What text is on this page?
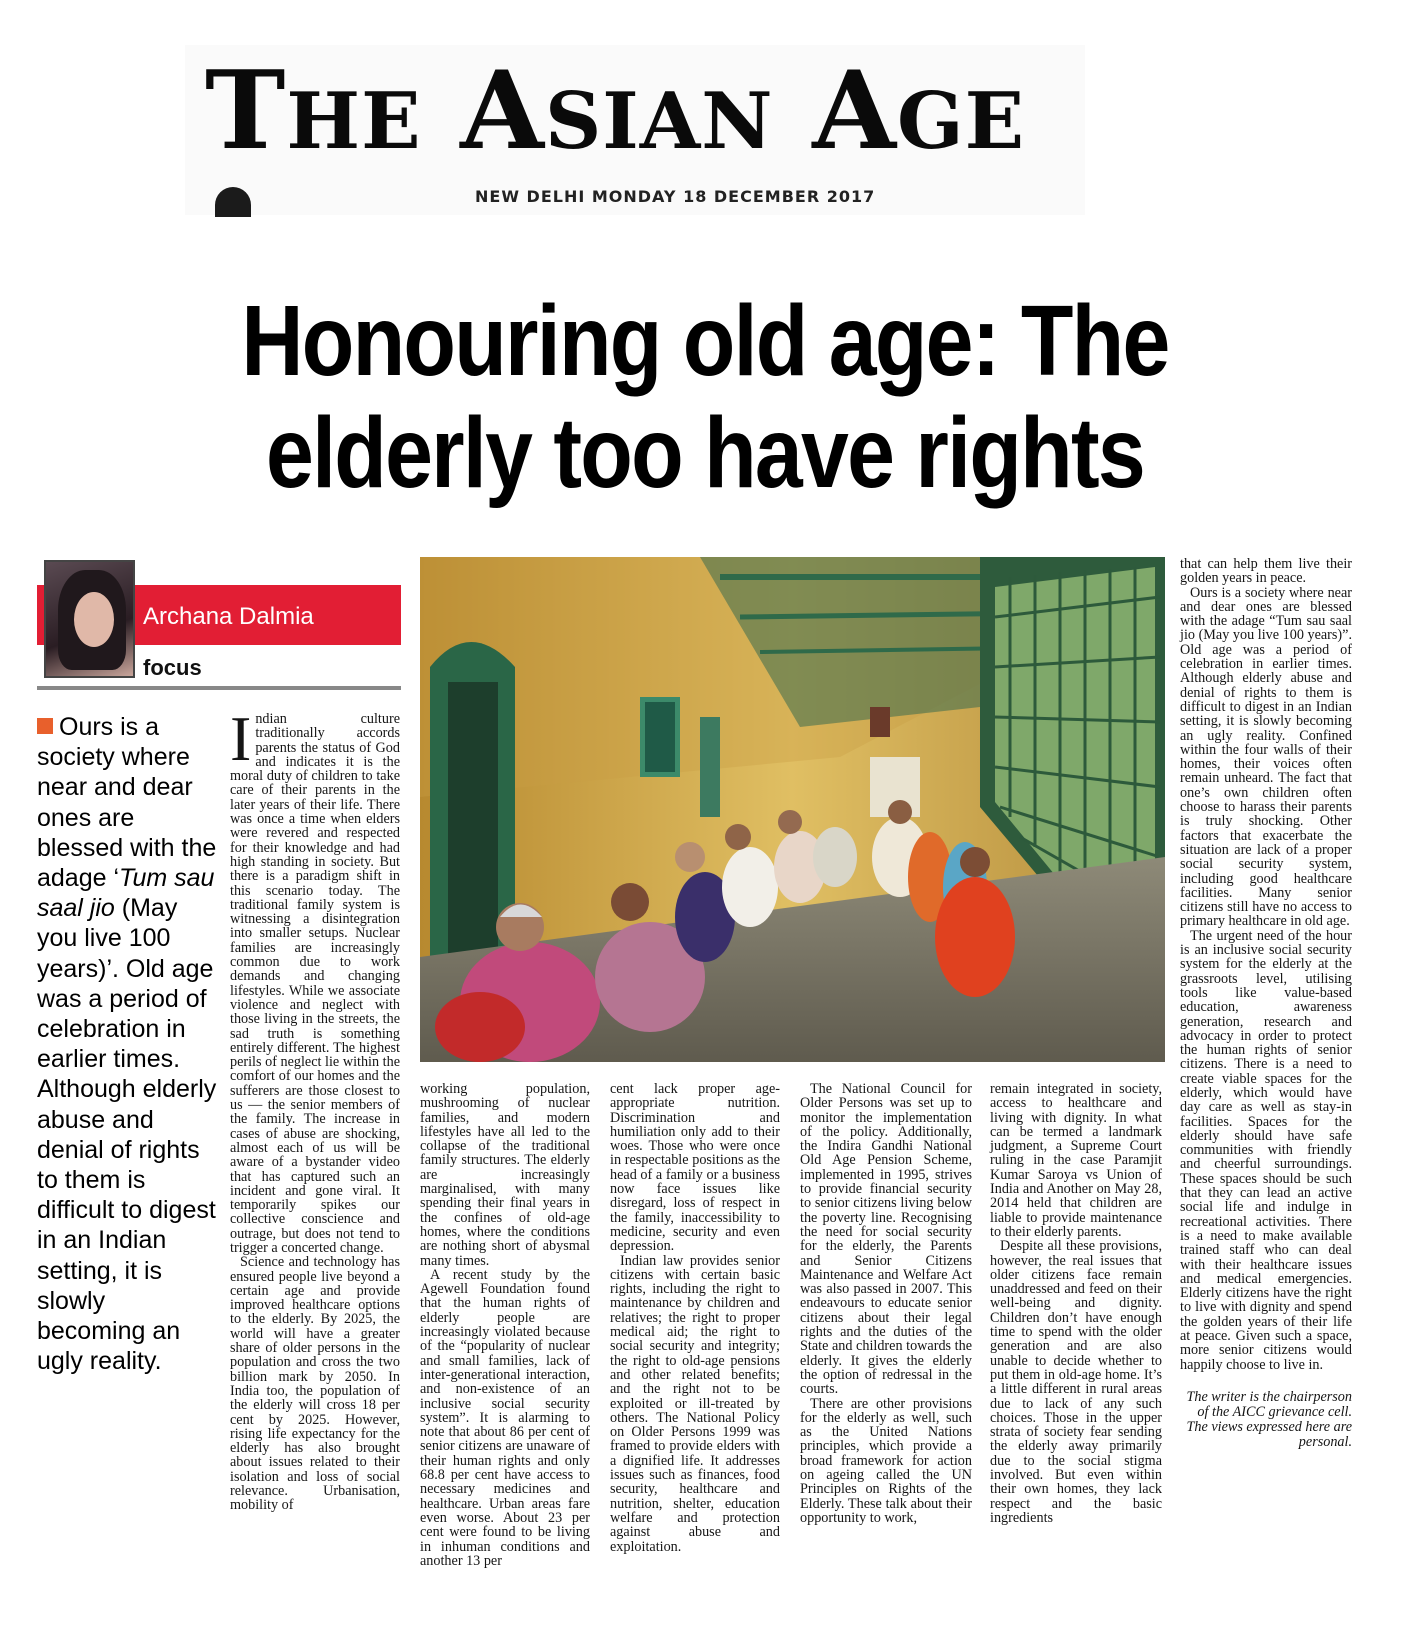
THE ASIAN AGE
NEW DELHI MONDAY 18 DECEMBER 2017
Honouring old age: The elderly too have rights
Archana Dalmia
focus
Ours is a society where near and dear ones are blessed with the adage ‘Tum sau saal jio (May you live 100 years)’. Old age was a period of celebration in earlier times. Although elderly abuse and denial of rights to them is difficult to digest in an Indian setting, it is slowly becoming an ugly reality.

Indian culture traditionally accords parents the status of God and indicates it is the moral duty of children to take care of their parents in the later years of their life. There was once a time when elders were revered and respected for their knowledge and had high standing in society. But there is a paradigm shift in this scenario today. The traditional family system is witnessing a disintegration into smaller setups. Nuclear families are increasingly common due to work demands and changing lifestyles. While we associate violence and neglect with those living in the streets, the sad truth is something entirely different. The highest perils of neglect lie within the comfort of our homes and the sufferers are those closest to us — the senior members of the family. The increase in cases of abuse are shocking, almost each of us will be aware of a bystander video that has captured such an incident and gone viral. It temporarily spikes our collective conscience and outrage, but does not tend to trigger a concerted change.

Science and technology has ensured people live beyond a certain age and provide improved healthcare options to the elderly. By 2025, the world will have a greater share of older persons in the population and cross the two billion mark by 2050. In India too, the population of the elderly will cross 18 per cent by 2025. However, rising life expectancy for the elderly has also brought about issues related to their isolation and loss of social relevance. Urbanisation, mobility of

working population, mushrooming of nuclear families, and modern lifestyles have all led to the collapse of the traditional family structures. The elderly are increasingly marginalised, with many spending their final years in the confines of old-age homes, where the conditions are nothing short of abysmal many times.

A recent study by the Agewell Foundation found that the human rights of elderly people are increasingly violated because of the “popularity of nuclear and small families, lack of inter-generational interaction, and non-existence of an inclusive social security system”. It is alarming to note that about 86 per cent of senior citizens are unaware of their human rights and only 68.8 per cent have access to necessary medicines and healthcare. Urban areas fare even worse. About 23 per cent were found to be living in inhuman conditions and another 13 per

cent lack proper age-appropriate nutrition. Discrimination and humiliation only add to their woes. Those who were once in respectable positions as the head of a family or a business now face issues like disregard, loss of respect in the family, inaccessibility to medicine, security and even depression.

Indian law provides senior citizens with certain basic rights, including the right to maintenance by children and relatives; the right to proper medical aid; the right to social security and integrity; the right to old-age pensions and other related benefits; and the right not to be exploited or ill-treated by others. The National Policy on Older Persons 1999 was framed to provide elders with a dignified life. It addresses issues such as finances, food security, healthcare and nutrition, shelter, education welfare and protection against abuse and exploitation.

The National Council for Older Persons was set up to monitor the implementation of the policy. Additionally, the Indira Gandhi National Old Age Pension Scheme, implemented in 1995, strives to provide financial security to senior citizens living below the poverty line. Recognising the need for social security for the elderly, the Parents and Senior Citizens Maintenance and Welfare Act was also passed in 2007. This endeavours to educate senior citizens about their legal rights and the duties of the State and children towards the elderly. It gives the elderly the option of redressal in the courts.

There are other provisions for the elderly as well, such as the United Nations principles, which provide a broad framework for action on ageing called the UN Principles on Rights of the Elderly. These talk about their opportunity to work,

remain integrated in society, access to healthcare and living with dignity. In what can be termed a landmark judgment, a Supreme Court ruling in the case Paramjit Kumar Saroya vs Union of India and Another on May 28, 2014 held that children are liable to provide maintenance to their elderly parents.

Despite all these provisions, however, the real issues that older citizens face remain unaddressed and feed on their well-being and dignity. Children don’t have enough time to spend with the older generation and are also unable to decide whether to put them in old-age home. It’s a little different in rural areas due to lack of any such choices. Those in the upper strata of society fear sending the elderly away primarily due to the social stigma involved. But even within their own homes, they lack respect and the basic ingredients

that can help them live their golden years in peace.

Ours is a society where near and dear ones are blessed with the adage “Tum sau saal jio (May you live 100 years)”. Old age was a period of celebration in earlier times. Although elderly abuse and denial of rights to them is difficult to digest in an Indian setting, it is slowly becoming an ugly reality. Confined within the four walls of their homes, their voices often remain unheard. The fact that one’s own children often choose to harass their parents is truly shocking. Other factors that exacerbate the situation are lack of a proper social security system, including good healthcare facilities. Many senior citizens still have no access to primary healthcare in old age.

The urgent need of the hour is an inclusive social security system for the elderly at the grassroots level, utilising tools like value-based education, awareness generation, research and advocacy in order to protect the human rights of senior citizens. There is a need to create viable spaces for the elderly, which would have day care as well as stay-in facilities. Spaces for the elderly should have safe communities with friendly and cheerful surroundings. These spaces should be such that they can lead an active social life and indulge in recreational activities. There is a need to make available trained staff who can deal with their healthcare issues and medical emergencies. Elderly citizens have the right to live with dignity and spend the golden years of their life at peace. Given such a space, more senior citizens would happily choose to live in.

The writer is the chairperson of the AICC grievance cell. The views expressed here are personal.
